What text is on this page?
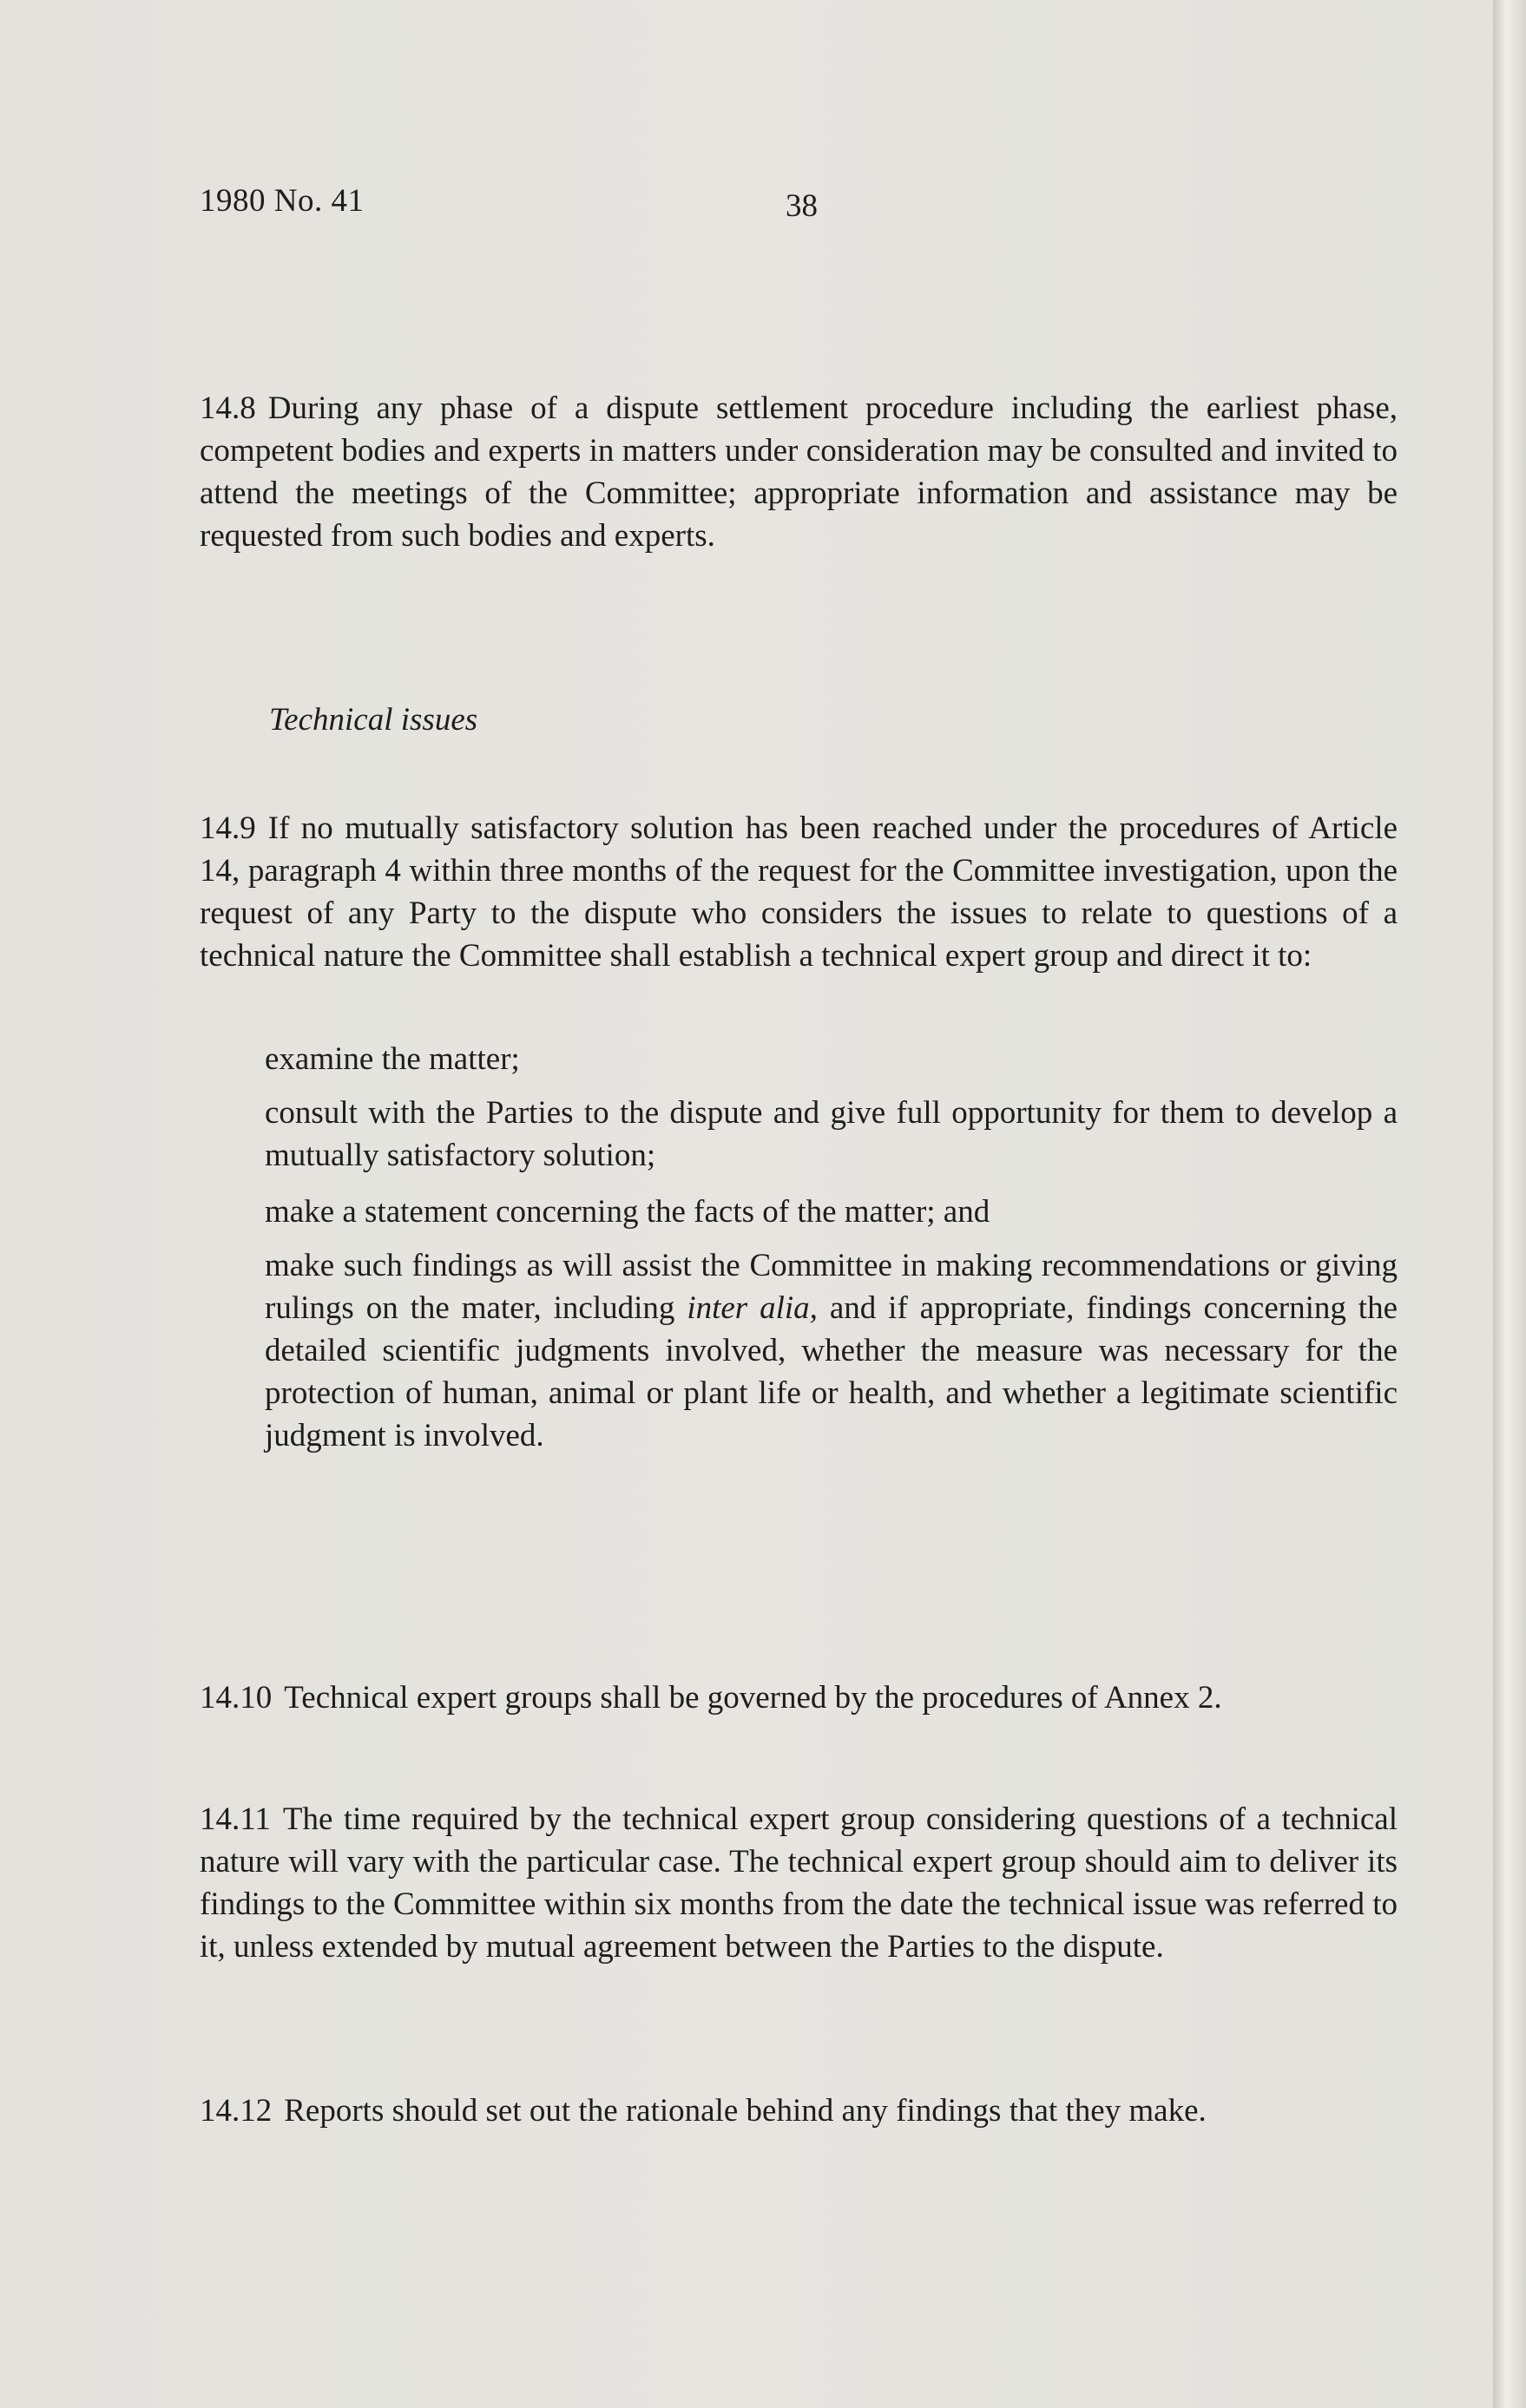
1980 No. 41	38
14.8 During any phase of a dispute settlement procedure including the earliest phase, competent bodies and experts in matters under consideration may be consulted and invited to attend the meetings of the Committee; appropriate information and assistance may be requested from such bodies and experts.
Technical issues
14.9 If no mutually satisfactory solution has been reached under the procedures of Article 14, paragraph 4 within three months of the request for the Committee investigation, upon the request of any Party to the dispute who considers the issues to relate to questions of a technical nature the Committee shall establish a technical expert group and direct it to:
examine the matter;
consult with the Parties to the dispute and give full opportunity for them to develop a mutually satisfactory solution;
make a statement concerning the facts of the matter; and
make such findings as will assist the Committee in making recommendations or giving rulings on the mater, including inter alia, and if appropriate, findings concerning the detailed scientific judgments involved, whether the measure was necessary for the protection of human, animal or plant life or health, and whether a legitimate scientific judgment is involved.
14.10 Technical expert groups shall be governed by the procedures of Annex 2.
14.11 The time required by the technical expert group considering questions of a technical nature will vary with the particular case. The technical expert group should aim to deliver its findings to the Committee within six months from the date the technical issue was referred to it, unless extended by mutual agreement between the Parties to the dispute.
14.12 Reports should set out the rationale behind any findings that they make.
